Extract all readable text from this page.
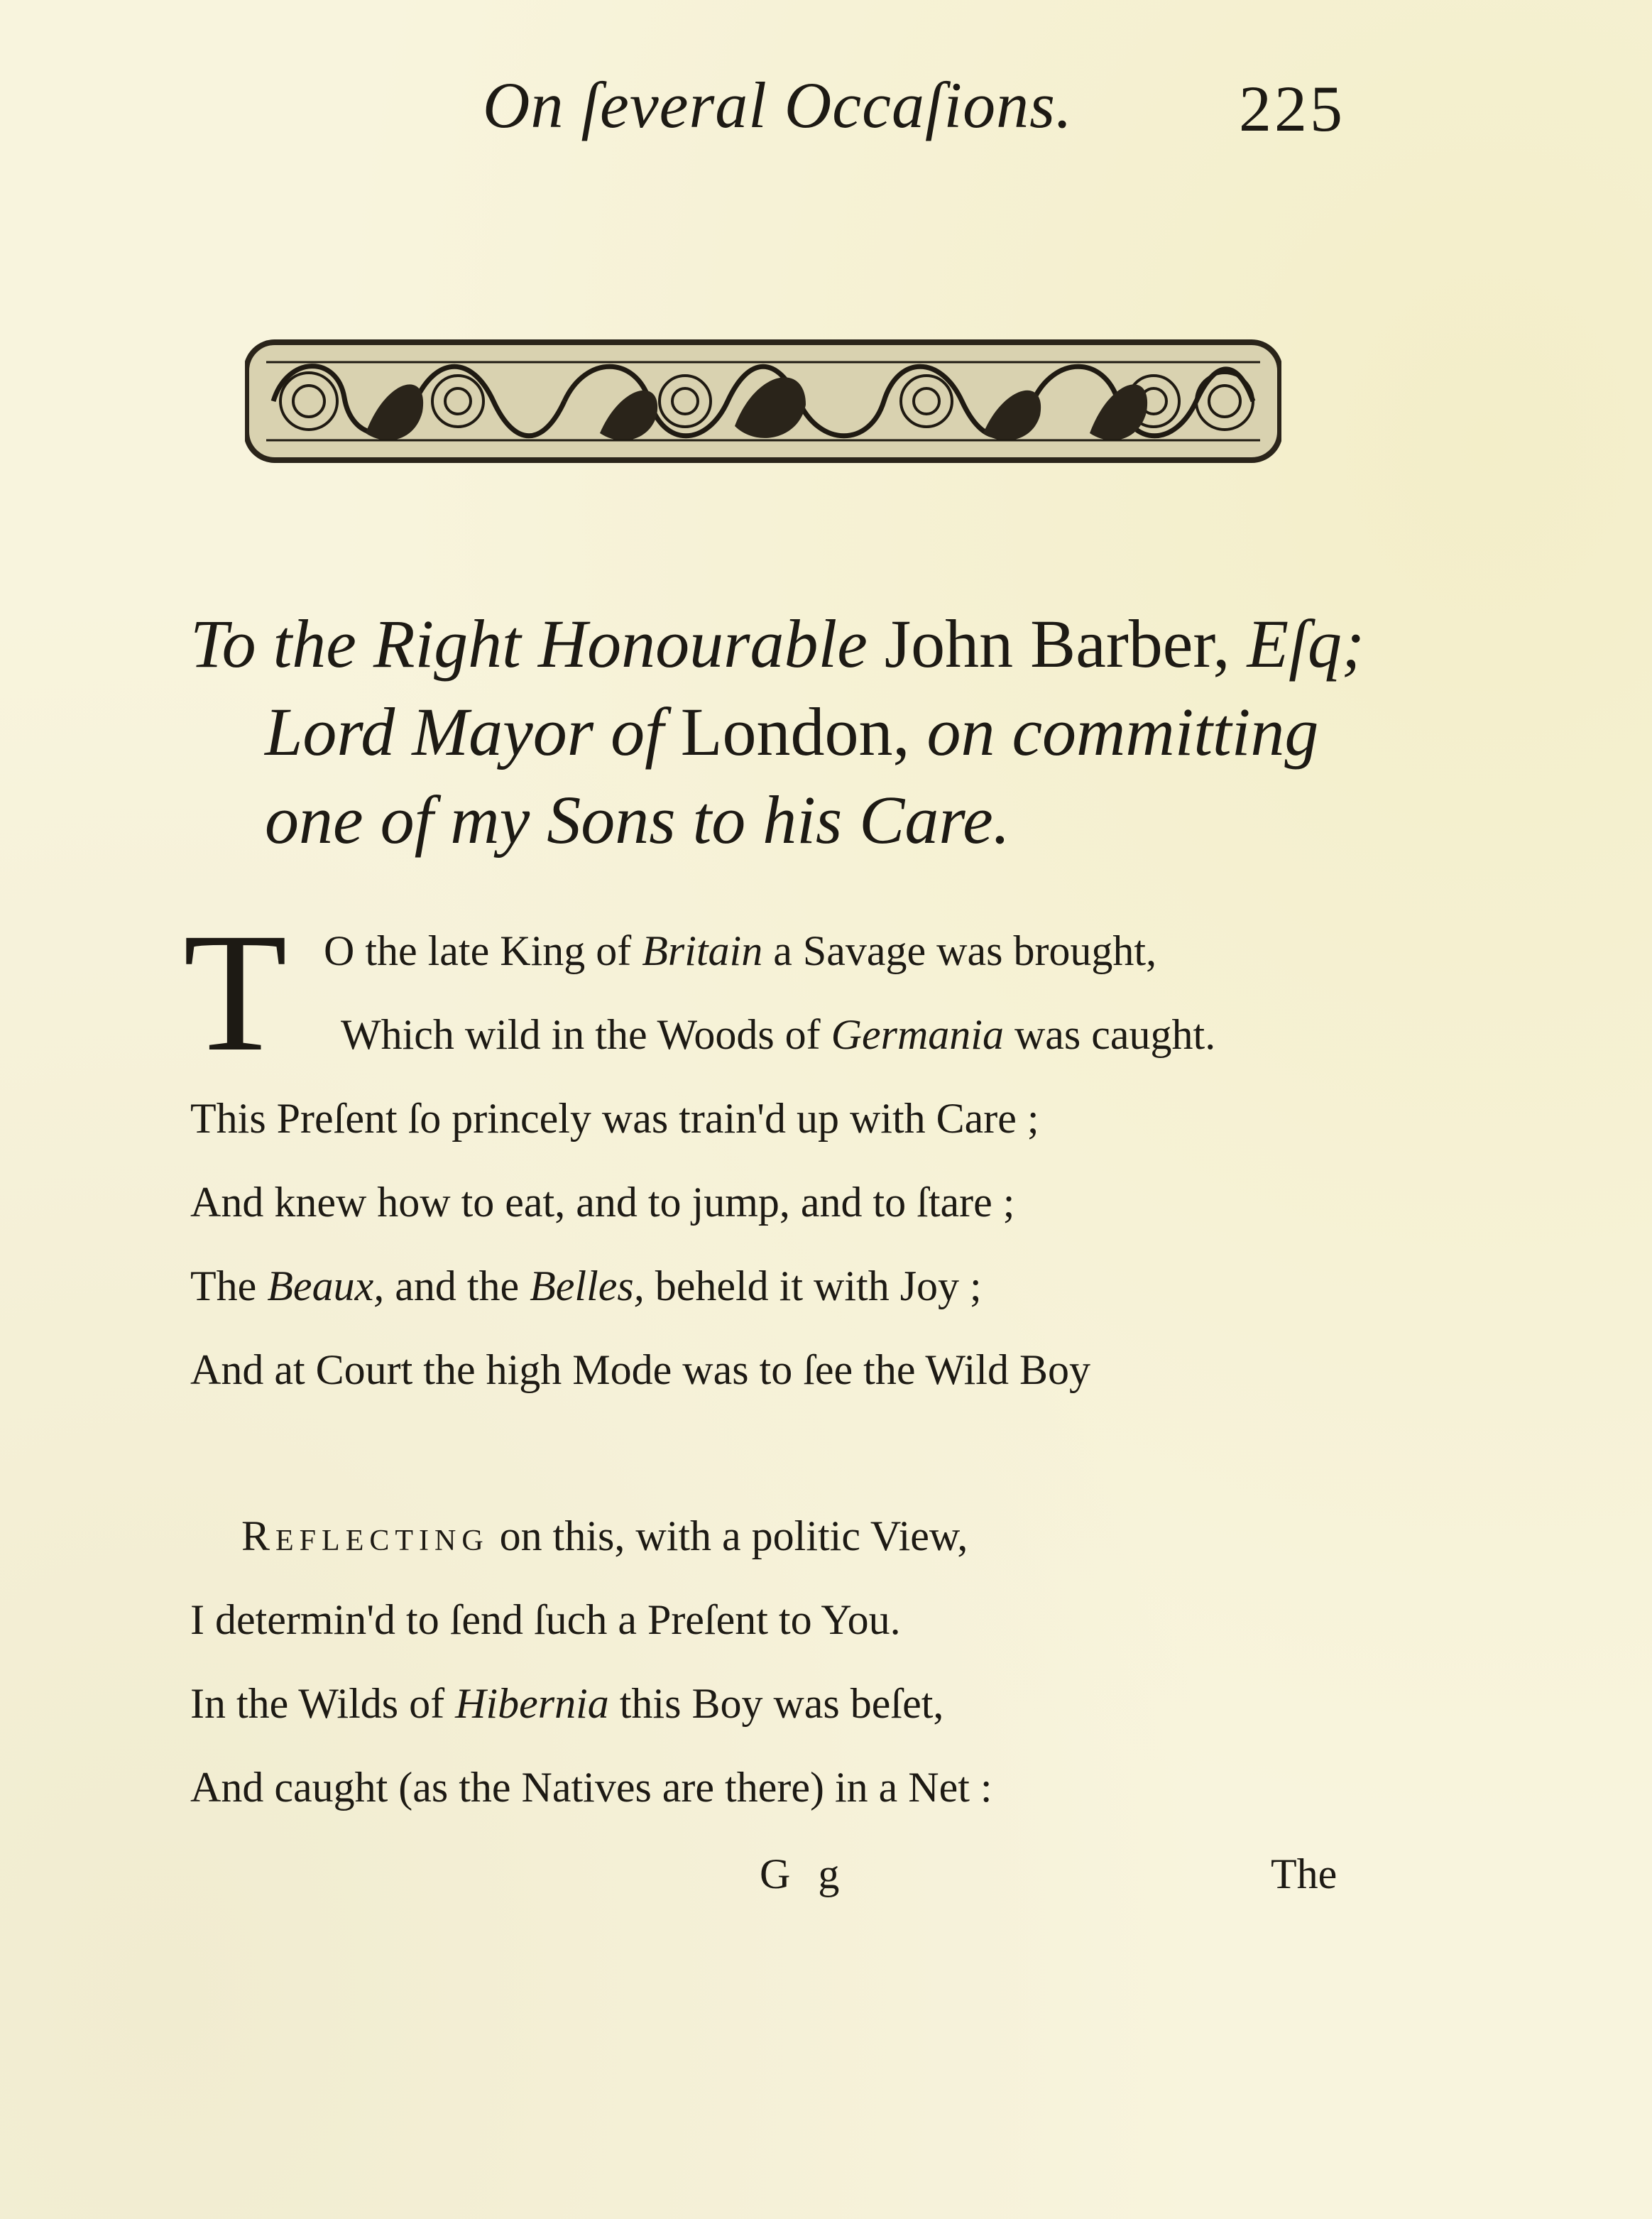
On ſeveral Occaſions.	225
To the Right Honourable John Barber, Eſq;
Lord Mayor of London, on committing
one of my Sons to his Care.
T O the late King of Britain a Savage was brought,
Which wild in the Woods of Germania was caught.
This Preſent ſo princely was train'd up with Care ;
And knew how to eat, and to jump, and to ſtare ;
The Beaux, and the Belles, beheld it with Joy ;
And at Court the high Mode was to ſee the Wild Boy
Reflecting on this, with a politic View,
I determin'd to ſend ſuch a Preſent to You.
In the Wilds of Hibernia this Boy was beſet,
And caught (as the Natives are there) in a Net :
G g	The
